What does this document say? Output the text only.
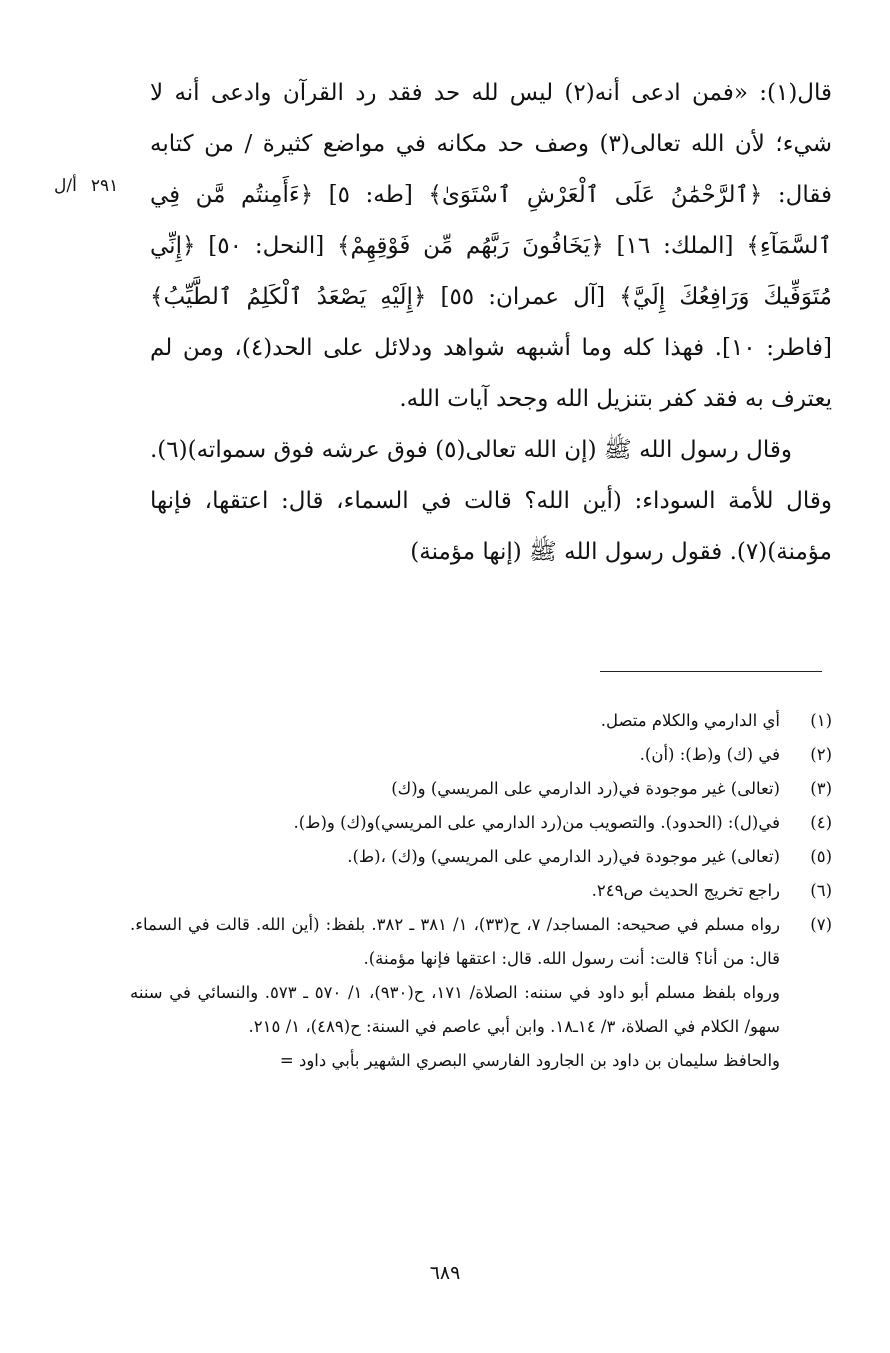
قال(١): «فمن ادعى أنه(٢) ليس لله حد فقد رد القرآن وادعى أنه لا شيء؛ لأن الله تعالى(٣) وصف حد مكانه في مواضع كثيرة / من كتابه فقال: ﴿ٱلرَّحْمَٰنُ عَلَى ٱلْعَرْشِ ٱسْتَوَىٰ﴾ [طه: ٥] ﴿ءَأَمِنتُم مَّن فِي ٱلسَّمَآءِ﴾ [الملك: ١٦] ﴿يَخَافُونَ رَبَّهُم مِّن فَوْقِهِمْ﴾ [النحل: ٥٠] ﴿إِنِّي مُتَوَفِّيكَ وَرَافِعُكَ إِلَيَّ﴾ [آل عمران: ٥٥] ﴿إِلَيْهِ يَصْعَدُ ٱلْكَلِمُ ٱلطَّيِّبُ﴾ [فاطر: ١٠]. فهذا كله وما أشبهه شواهد ودلائل على الحد(٤)، ومن لم يعترف به فقد كفر بتنزيل الله وجحد آيات الله.

وقال رسول الله ﷺ (إن الله تعالى(٥) فوق عرشه فوق سمواته)(٦). وقال للأمة السوداء: (أين الله؟ قالت في السماء، قال: اعتقها، فإنها مؤمنة)(٧). فقول رسول الله ﷺ (إنها مؤمنة)

٢٩١أ/ل
(١)

أي الدارمي والكلام متصل.

(٢)

في (ك) و(ط): (أن).

(٣)

(تعالى) غير موجودة في(رد الدارمي على المريسي) و(ك)

(٤)

في(ل): (الحدود). والتصويب من(رد الدارمي على المريسي)و(ك) و(ط).

(٥)

(تعالى) غير موجودة في(رد الدارمي على المريسي) و(ك) ،(ط).

(٦)

راجع تخريج الحديث ص٢٤٩.

(٧)

رواه مسلم في صحيحه: المساجد/ ٧، ح(٣٣)، ١/ ٣٨١ ـ ٣٨٢. بلفظ: (أين الله. قالت في السماء. قال: من أنا؟ قالت: أنت رسول الله. قال: اعتقها فإنها مؤمنة).

ورواه بلفظ مسلم أبو داود في سننه: الصلاة/ ١٧١، ح(٩٣٠)، ١/ ٥٧٠ ـ ٥٧٣. والنسائي في سننه سهو/ الكلام في الصلاة، ٣/ ١٤ـ١٨. وابن أبي عاصم في السنة: ح(٤٨٩)، ١/ ٢١٥.

والحافظ سليمان بن داود بن الجارود الفارسي البصري الشهير بأبي داود =

٦٨٩
